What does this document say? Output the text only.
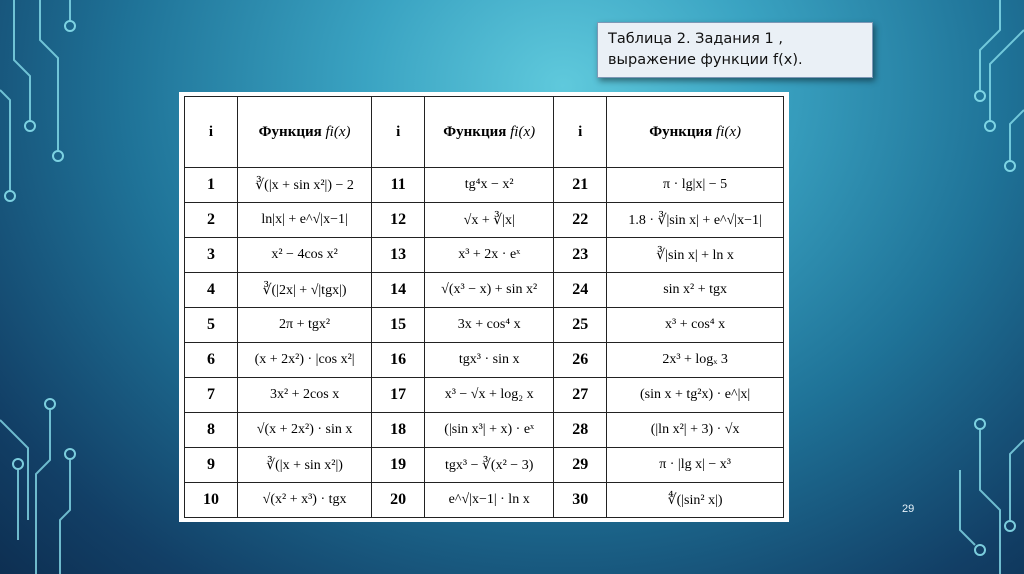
Таблица 2. Задания 1 ,
выражение функции f(x).
i	Функция fi(x)	i	Функция fi(x)	i	Функция fi(x)
1	∛(|x + sin x²|) − 2	11	tg⁴x − x²	21	π · lg|x| − 5
2	ln|x| + e^√|x−1|	12	√x + ∛|x|	22	1.8 · ∛|sin x| + e^√|x−1|
3	x² − 4cos x²	13	x³ + 2x · eˣ	23	∛|sin x| + ln x
4	∛(|2x| + √|tgx|)	14	√(x³ − x) + sin x²	24	sin x² + tgx
5	2π + tgx²	15	3x + cos⁴ x	25	x³ + cos⁴ x
6	(x + 2x²) · |cos x²|	16	tgx³ · sin x	26	2x³ + logₓ 3
7	3x² + 2cos x	17	x³ − √x + log₂ x	27	(sin x + tg²x) · e^|x|
8	√(x + 2x²) · sin x	18	(|sin x³| + x) · eˣ	28	(|ln x²| + 3) · √x
9	∛(|x + sin x²|)	19	tgx³ − ∛(x² − 3)	29	π · |lg x| − x³
10	√(x² + x³) · tgx	20	e^√|x−1| · ln x	30	∜(|sin² x|)
29
